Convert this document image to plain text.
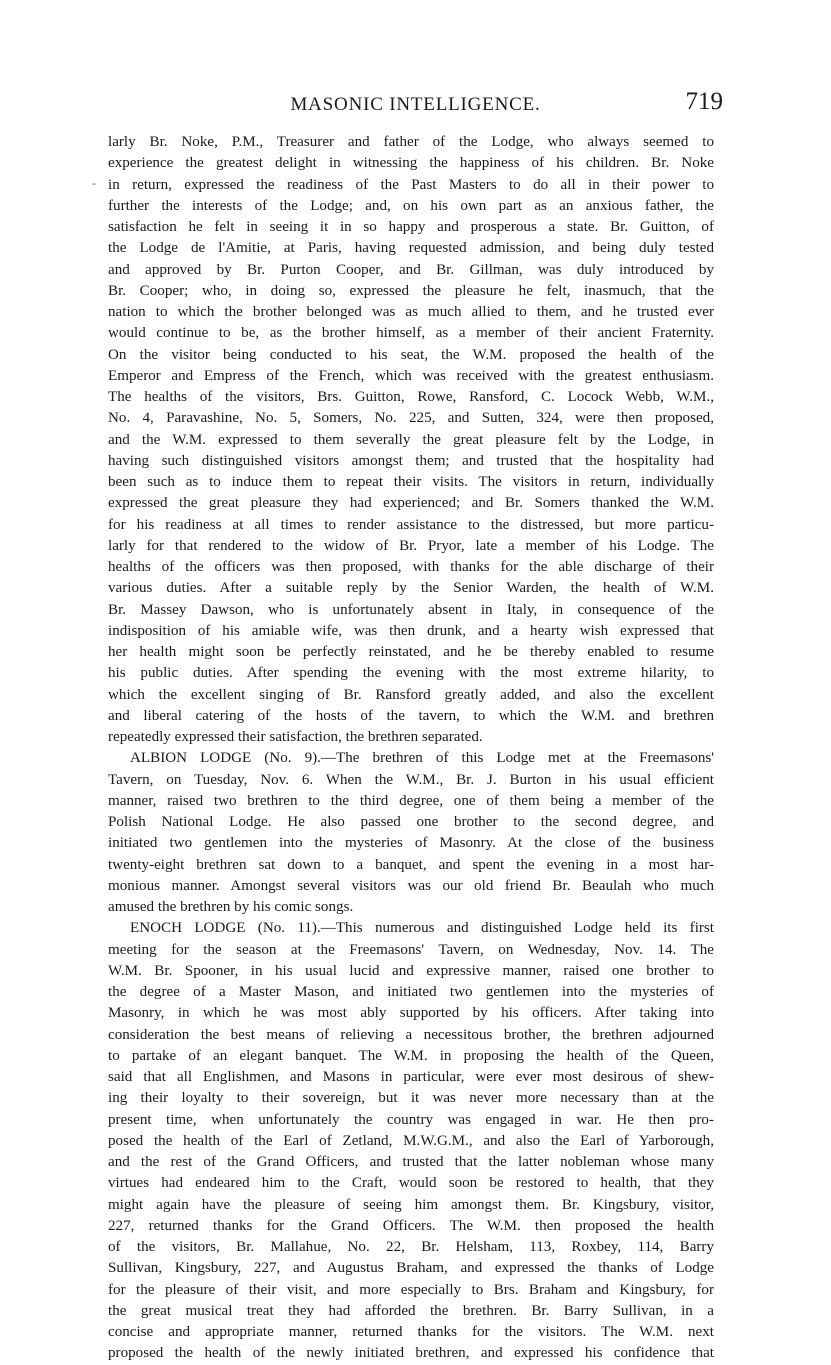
MASONIC INTELLIGENCE.	719
-
larly Br. Noke, P.M., Treasurer and father of the Lodge, who always seemed to
experience the greatest delight in witnessing the happiness of his children. Br. Noke
in return, expressed the readiness of the Past Masters to do all in their power to
further the interests of the Lodge; and, on his own part as an anxious father, the
satisfaction he felt in seeing it in so happy and prosperous a state. Br. Guitton, of
the Lodge de l'Amitie, at Paris, having requested admission, and being duly tested
and approved by Br. Purton Cooper, and Br. Gillman, was duly introduced by
Br. Cooper; who, in doing so, expressed the pleasure he felt, inasmuch, that the
nation to which the brother belonged was as much allied to them, and he trusted ever
would continue to be, as the brother himself, as a member of their ancient Fraternity.
On the visitor being conducted to his seat, the W.M. proposed the health of the
Emperor and Empress of the French, which was received with the greatest enthusiasm.
The healths of the visitors, Brs. Guitton, Rowe, Ransford, C. Locock Webb, W.M.,
No. 4, Paravashine, No. 5, Somers, No. 225, and Sutten, 324, were then proposed,
and the W.M. expressed to them severally the great pleasure felt by the Lodge, in
having such distinguished visitors amongst them; and trusted that the hospitality had
been such as to induce them to repeat their visits. The visitors in return, individually
expressed the great pleasure they had experienced; and Br. Somers thanked the W.M.
for his readiness at all times to render assistance to the distressed, but more particu-
larly for that rendered to the widow of Br. Pryor, late a member of his Lodge. The
healths of the officers was then proposed, with thanks for the able discharge of their
various duties. After a suitable reply by the Senior Warden, the health of W.M.
Br. Massey Dawson, who is unfortunately absent in Italy, in consequence of the
indisposition of his amiable wife, was then drunk, and a hearty wish expressed that
her health might soon be perfectly reinstated, and he be thereby enabled to resume
his public duties. After spending the evening with the most extreme hilarity, to
which the excellent singing of Br. Ransford greatly added, and also the excellent
and liberal catering of the hosts of the tavern, to which the W.M. and brethren
repeatedly expressed their satisfaction, the brethren separated.
ALBION LODGE (No. 9).—The brethren of this Lodge met at the Freemasons'
Tavern, on Tuesday, Nov. 6. When the W.M., Br. J. Burton in his usual efficient
manner, raised two brethren to the third degree, one of them being a member of the
Polish National Lodge. He also passed one brother to the second degree, and
initiated two gentlemen into the mysteries of Masonry. At the close of the business
twenty-eight brethren sat down to a banquet, and spent the evening in a most har-
monious manner. Amongst several visitors was our old friend Br. Beaulah who much
amused the brethren by his comic songs.
ENOCH LODGE (No. 11).—This numerous and distinguished Lodge held its first
meeting for the season at the Freemasons' Tavern, on Wednesday, Nov. 14. The
W.M. Br. Spooner, in his usual lucid and expressive manner, raised one brother to
the degree of a Master Mason, and initiated two gentlemen into the mysteries of
Masonry, in which he was most ably supported by his officers. After taking into
consideration the best means of relieving a necessitous brother, the brethren adjourned
to partake of an elegant banquet. The W.M. in proposing the health of the Queen,
said that all Englishmen, and Masons in particular, were ever most desirous of shew-
ing their loyalty to their sovereign, but it was never more necessary than at the
present time, when unfortunately the country was engaged in war. He then pro-
posed the health of the Earl of Zetland, M.W.G.M., and also the Earl of Yarborough,
and the rest of the Grand Officers, and trusted that the latter nobleman whose many
virtues had endeared him to the Craft, would soon be restored to health, that they
might again have the pleasure of seeing him amongst them. Br. Kingsbury, visitor,
227, returned thanks for the Grand Officers. The W.M. then proposed the health
of the visitors, Br. Mallahue, No. 22, Br. Helsham, 113, Roxbey, 114, Barry
Sullivan, Kingsbury, 227, and Augustus Braham, and expressed the thanks of Lodge
for the pleasure of their visit, and more especially to Brs. Braham and Kingsbury, for
the great musical treat they had afforded the brethren. Br. Barry Sullivan, in a
concise and appropriate manner, returned thanks for the visitors. The W.M. next
proposed the health of the newly initiated brethren, and expressed his confidence that
